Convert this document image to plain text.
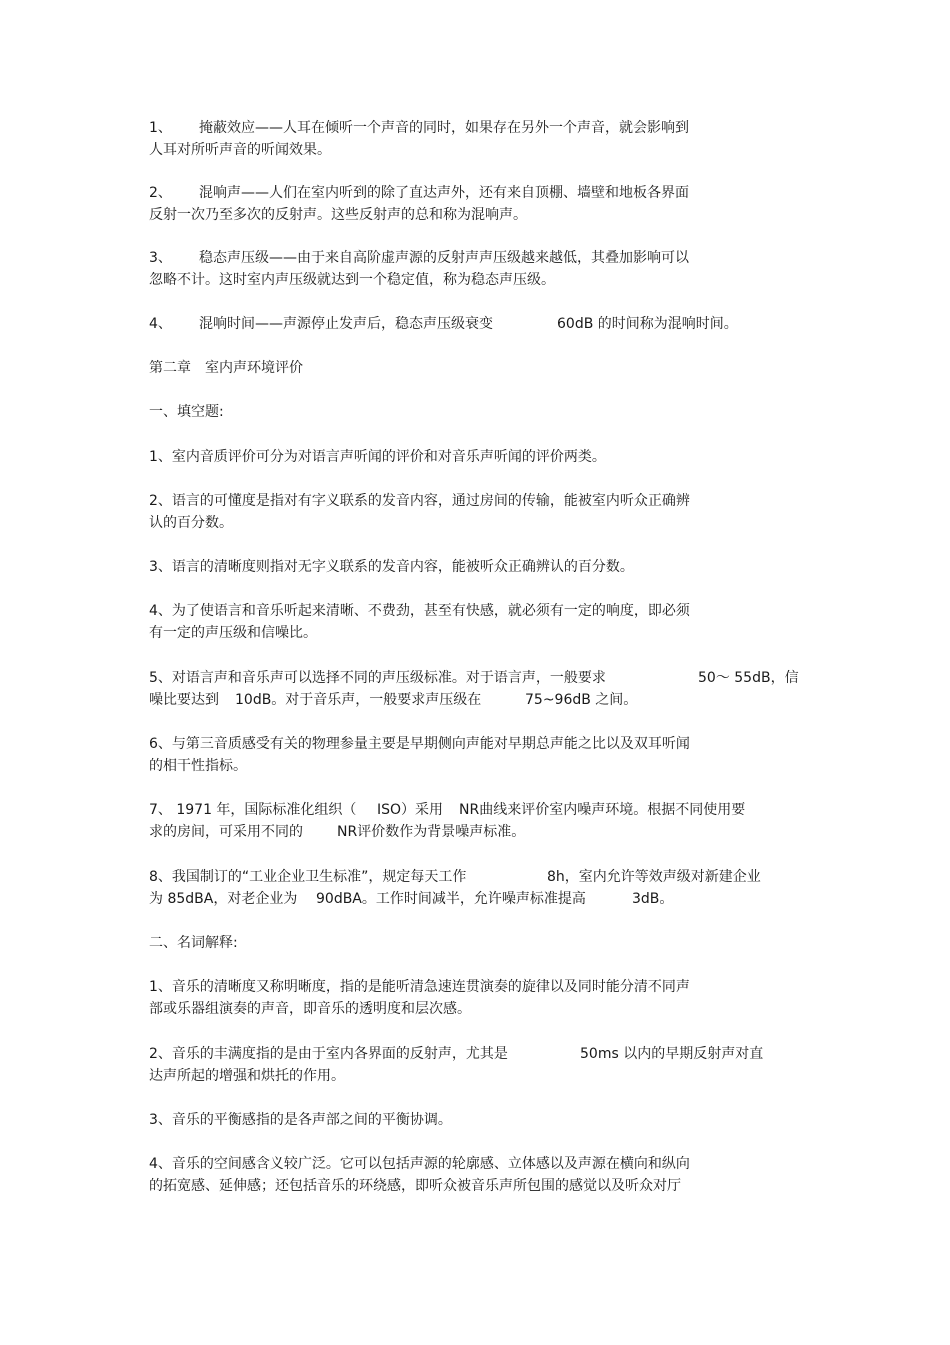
1、 掩蔽效应——人耳在倾听一个声音的同时，如果存在另外一个声音，就会影响到
人耳对所听声音的听闻效果。
2、 混响声——人们在室内听到的除了直达声外，还有来自顶棚、墙壁和地板各界面
反射一次乃至多次的反射声。这些反射声的总和称为混响声。
3、 稳态声压级——由于来自高阶虚声源的反射声声压级越来越低，其叠加影响可以
忽略不计。这时室内声压级就达到一个稳定值，称为稳态声压级。
4、 混响时间——声源停止发声后，稳态声压级衰变	60dB 的时间称为混响时间。
第二章　室内声环境评价
一、填空题:
1、室内音质评价可分为对语言声听闻的评价和对音乐声听闻的评价两类。
2、语言的可懂度是指对有字义联系的发音内容，通过房间的传输，能被室内听众正确辨
认的百分数。
3、语言的清晰度则指对无字义联系的发音内容，能被听众正确辨认的百分数。
4、为了使语言和音乐听起来清晰、不费劲，甚至有快感，就必须有一定的响度，即必须
有一定的声压级和信噪比。
5、对语言声和音乐声可以选择不同的声压级标准。对于语言声，一般要求	50～ 55dB，信
噪比要达到 10dB。对于音乐声，一般要求声压级在	75~96dB 之间。
6、与第三音质感受有关的物理参量主要是早期侧向声能对早期总声能之比以及双耳听闻
的相干性指标。
7、 1971 年，国际标准化组织（ ISO）采用 NR曲线来评价室内噪声环境。根据不同使用要
求的房间，可采用不同的 NR评价数作为背景噪声标准。
8、我国制订的“工业企业卫生标准”，规定每天工作	8h，室内允许等效声级对新建企业
为 85dBA，对老企业为 90dBA。工作时间减半，允许噪声标准提高	3dB。
二、名词解释:
1、音乐的清晰度又称明晰度，指的是能听清急速连贯演奏的旋律以及同时能分清不同声
部或乐器组演奏的声音，即音乐的透明度和层次感。
2、音乐的丰满度指的是由于室内各界面的反射声，尤其是	50ms 以内的早期反射声对直
达声所起的增强和烘托的作用。
3、音乐的平衡感指的是各声部之间的平衡协调。
4、音乐的空间感含义较广泛。它可以包括声源的轮廓感、立体感以及声源在横向和纵向
的拓宽感、延伸感；还包括音乐的环绕感，即听众被音乐声所包围的感觉以及听众对厅
